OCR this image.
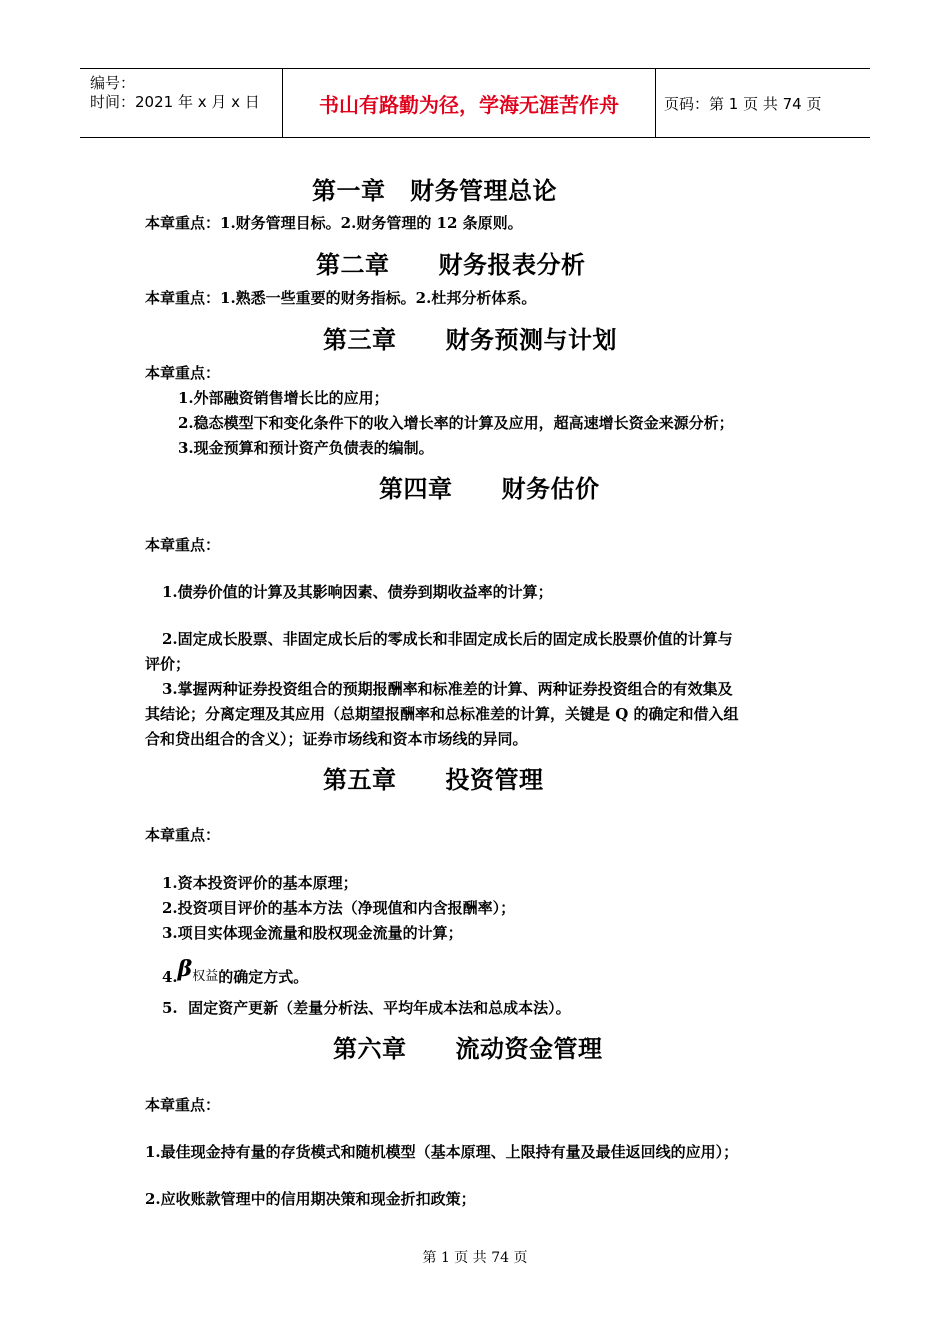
编号：
时间：2021 年 x 月 x 日	书山有路勤为径，学海无涯苦作舟	页码：第 1 页 共 74 页
第一章　财务管理总论
本章重点：1.财务管理目标。2.财务管理的 12 条原则。
第二章　　财务报表分析
本章重点：1.熟悉一些重要的财务指标。2.杜邦分析体系。
第三章　　财务预测与计划
本章重点：
1.外部融资销售增长比的应用；
2.稳态模型下和变化条件下的收入增长率的计算及应用，超高速增长资金来源分析；
3.现金预算和预计资产负债表的编制。
第四章　　财务估价
本章重点：
1.债券价值的计算及其影响因素、债券到期收益率的计算；
2.固定成长股票、非固定成长后的零成长和非固定成长后的固定成长股票价值的计算与
评价；
3.掌握两种证券投资组合的预期报酬率和标准差的计算、两种证券投资组合的有效集及
其结论；分离定理及其应用（总期望报酬率和总标准差的计算，关键是 Q 的确定和借入组
合和贷出组合的含义）；证券市场线和资本市场线的异同。
第五章　　投资管理
本章重点：
1.资本投资评价的基本原理；
2.投资项目评价的基本方法（净现值和内含报酬率）；
3.项目实体现金流量和股权现金流量的计算；
4.β权益的确定方式。
5.  固定资产更新（差量分析法、平均年成本法和总成本法）。
第六章　　流动资金管理
本章重点：
1.最佳现金持有量的存货模式和随机模型（基本原理、上限持有量及最佳返回线的应用）；
2.应收账款管理中的信用期决策和现金折扣政策；
第 1 页 共 74 页
